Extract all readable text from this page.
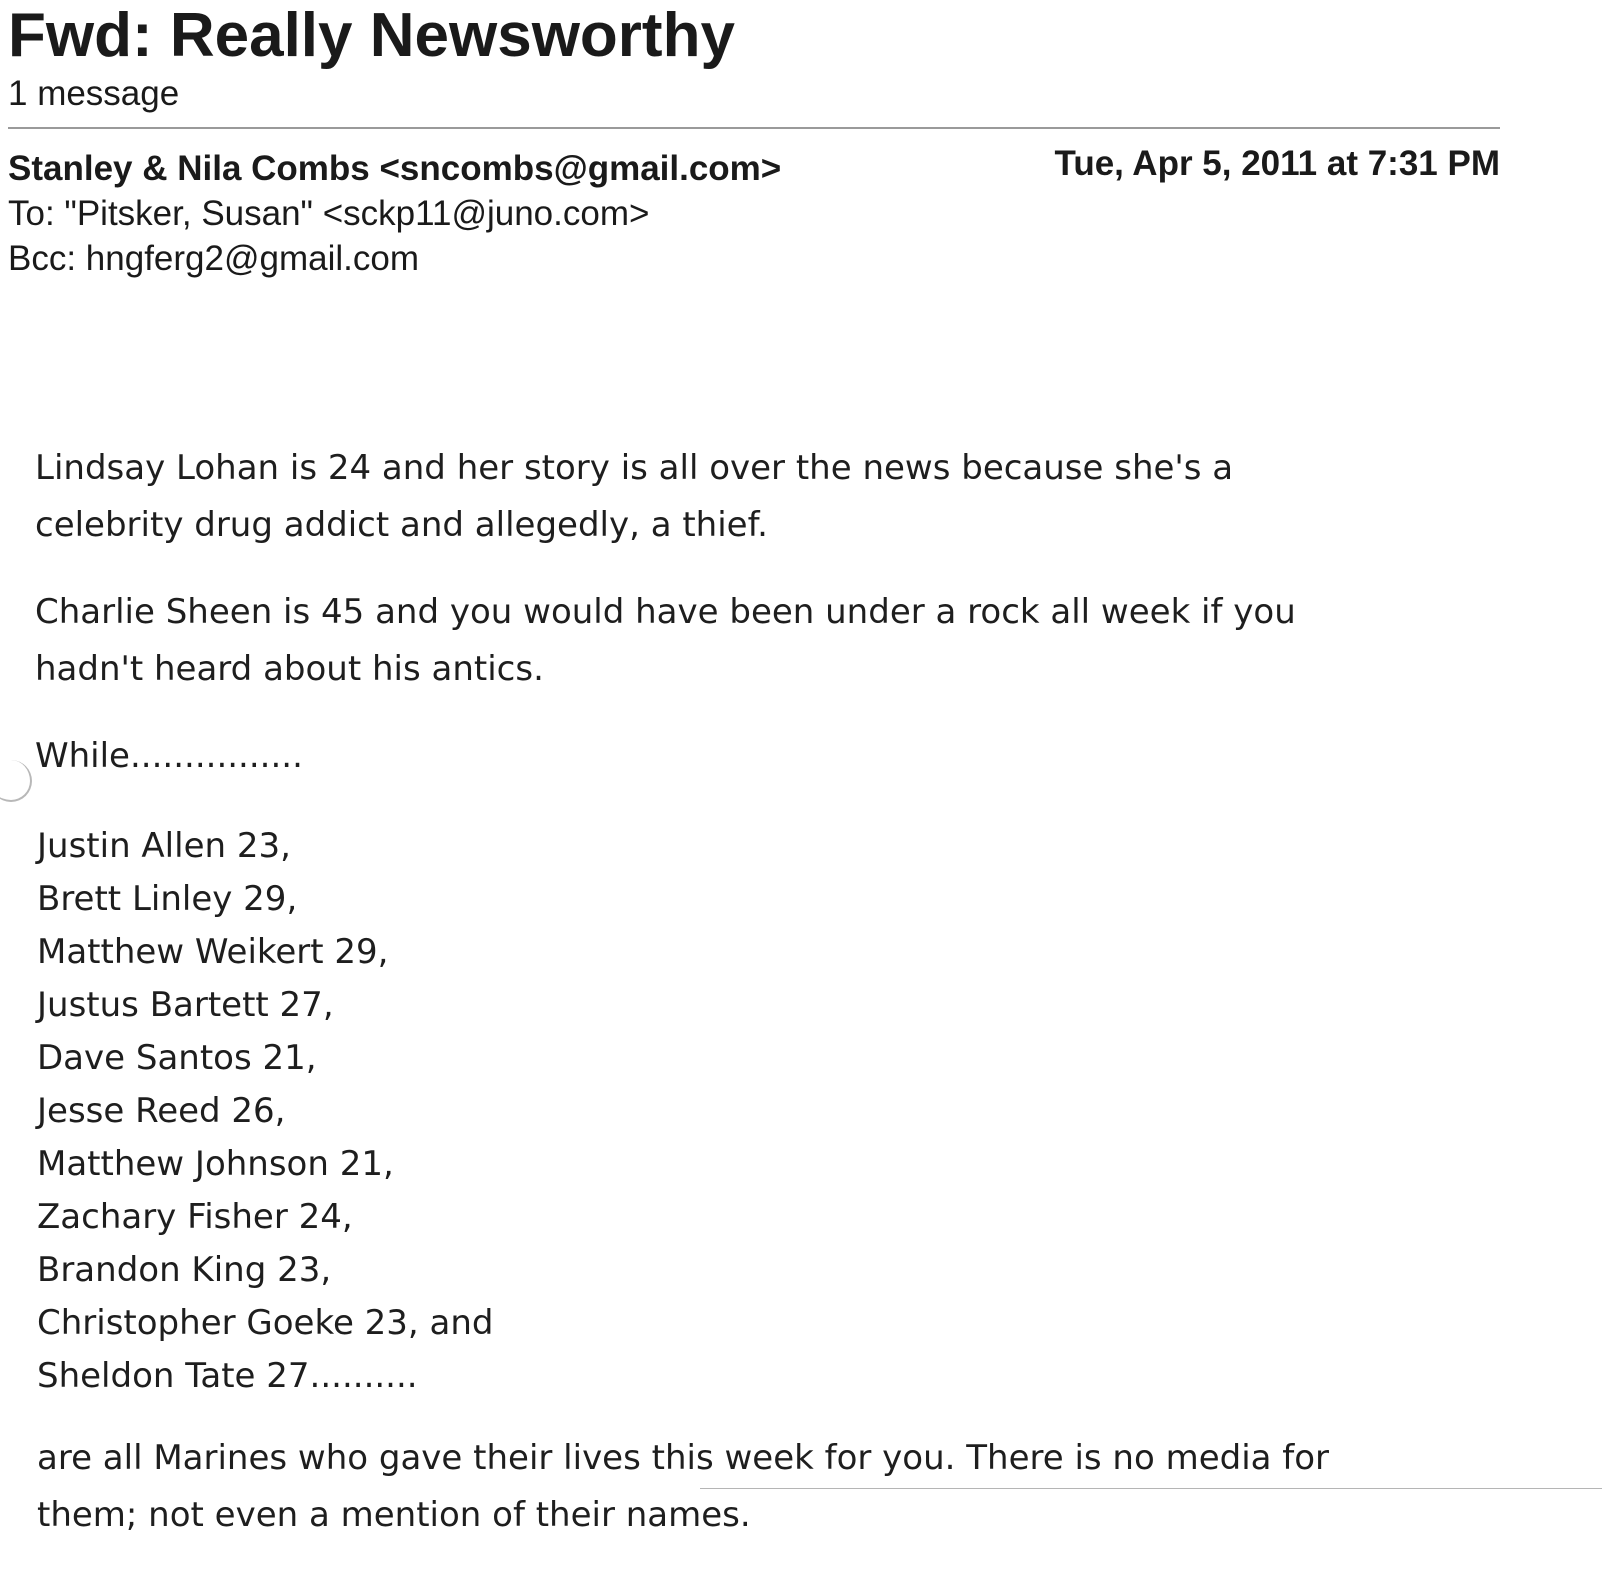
Fwd: Really Newsworthy
1 message
Stanley & Nila Combs <sncombs@gmail.com>	Tue, Apr 5, 2011 at 7:31 PM
To: "Pitsker, Susan" <sckp11@juno.com>
Bcc: hngferg2@gmail.com

Lindsay Lohan is 24 and her story is all over the news because she's a celebrity drug addict and allegedly, a thief.

Charlie Sheen is 45 and you would have been under a rock all week if you hadn't heard about his antics.

While................

Justin Allen 23,
Brett Linley 29,
Matthew Weikert 29,
Justus Bartett 27,
Dave Santos 21,
Jesse Reed 26,
Matthew Johnson 21,
Zachary Fisher 24,
Brandon King 23,
Christopher Goeke 23, and
Sheldon Tate 27..........

are all Marines who gave their lives this week for you. There is no media for them; not even a mention of their names.
